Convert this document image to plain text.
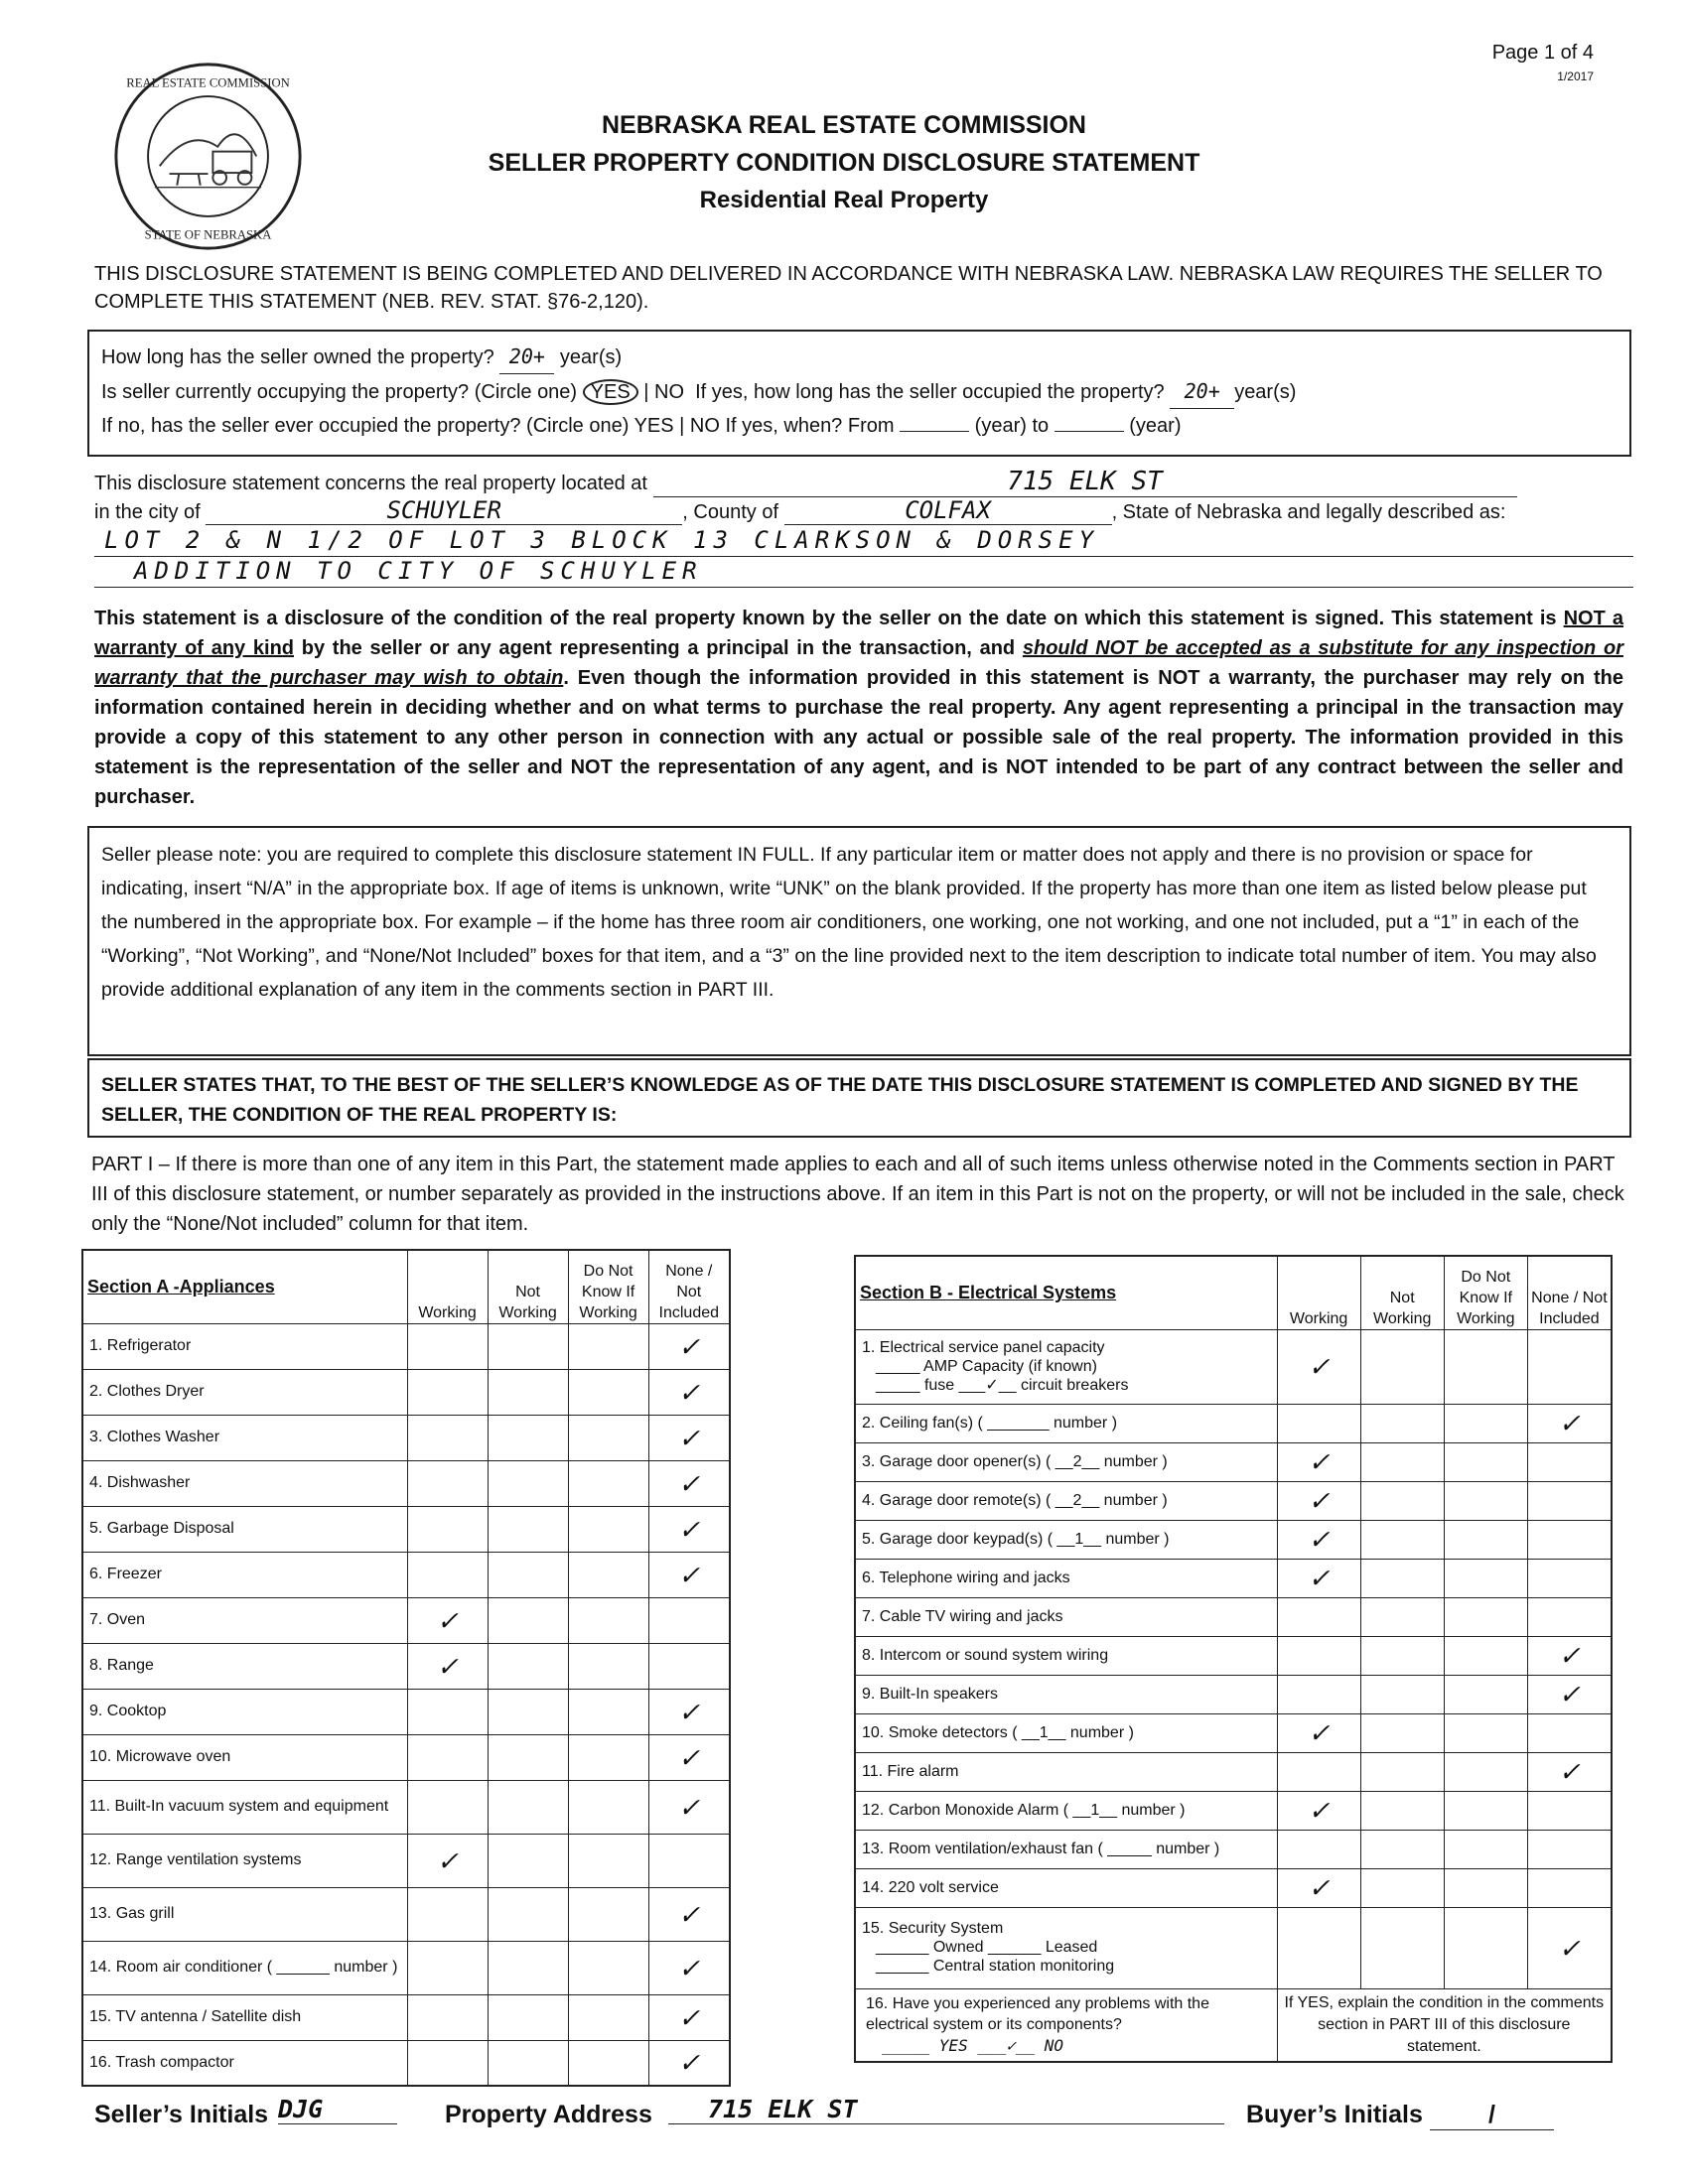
Page 1 of 4
1/2017
REAL ESTATE COMMISSION
STATE OF NEBRASKA
NEBRASKA REAL ESTATE COMMISSION
SELLER PROPERTY CONDITION DISCLOSURE STATEMENT
Residential Real Property
THIS DISCLOSURE STATEMENT IS BEING COMPLETED AND DELIVERED IN ACCORDANCE WITH NEBRASKA LAW. NEBRASKA LAW REQUIRES THE SELLER TO COMPLETE THIS STATEMENT (NEB. REV. STAT. §76-2,120).
How long has the seller owned the property? 20+ year(s)
Is seller currently occupying the property? (Circle one) YES | NO If yes, how long has the seller occupied the property? 20+ year(s)
If no, has the seller ever occupied the property? (Circle one) YES | NO If yes, when? From	(year) to	(year)
This disclosure statement concerns the real property located at	715 ELK ST
in the city of	SCHUYLER	, County of	COLFAX	, State of Nebraska and legally described as:
LOT 2 & N 1/2 OF LOT 3 BLOCK 13 CLARKSON & DORSEY
ADDITION TO CITY OF SCHUYLER
This statement is a disclosure of the condition of the real property known by the seller on the date on which this statement is signed. This statement is NOT a warranty of any kind by the seller or any agent representing a principal in the transaction, and should NOT be accepted as a substitute for any inspection or warranty that the purchaser may wish to obtain. Even though the information provided in this statement is NOT a warranty, the purchaser may rely on the information contained herein in deciding whether and on what terms to purchase the real property. Any agent representing a principal in the transaction may provide a copy of this statement to any other person in connection with any actual or possible sale of the real property. The information provided in this statement is the representation of the seller and NOT the representation of any agent, and is NOT intended to be part of any contract between the seller and purchaser.
Seller please note: you are required to complete this disclosure statement IN FULL. If any particular item or matter does not apply and there is no provision or space for indicating, insert “N/A” in the appropriate box. If age of items is unknown, write “UNK” on the blank provided. If the property has more than one item as listed below please put the numbered in the appropriate box. For example – if the home has three room air conditioners, one working, one not working, and one not included, put a “1” in each of the “Working”, “Not Working”, and “None/Not Included” boxes for that item, and a “3” on the line provided next to the item description to indicate total number of item. You may also provide additional explanation of any item in the comments section in PART III.
SELLER STATES THAT, TO THE BEST OF THE SELLER’S KNOWLEDGE AS OF THE DATE THIS DISCLOSURE STATEMENT IS COMPLETED AND SIGNED BY THE SELLER, THE CONDITION OF THE REAL PROPERTY IS:
PART I – If there is more than one of any item in this Part, the statement made applies to each and all of such items unless otherwise noted in the Comments section in PART III of this disclosure statement, or number separately as provided in the instructions above. If an item in this Part is not on the property, or will not be included in the sale, check only the “None/Not included” column for that item.
Section A -Appliances	Working	Not Working	Do Not Know If Working	None / Not Included

1. Refrigerator				✓

2. Clothes Dryer				✓

3. Clothes Washer				✓

4. Dishwasher				✓

5. Garbage Disposal				✓

6. Freezer				✓

7. Oven	✓			

8. Range	✓			

9. Cooktop				✓

10. Microwave oven				✓

11. Built-In vacuum system and equipment				✓

12. Range ventilation systems	✓			

13. Gas grill				✓

14. Room air conditioner ( ______ number )				✓

15. TV antenna / Satellite dish				✓

16. Trash compactor				✓
Section B - Electrical Systems	Working	Not Working	Do Not Know If Working	None / Not Included

1. Electrical service panel capacity
_____ AMP Capacity (if known)
_____ fuse ___✓__ circuit breakers	✓			

2. Ceiling fan(s) ( _______ number )				✓

3. Garage door opener(s) ( __2__ number )	✓			

4. Garage door remote(s) ( __2__ number )	✓			

5. Garage door keypad(s) ( __1__ number )	✓			

6. Telephone wiring and jacks	✓			

7. Cable TV wiring and jacks				

8. Intercom or sound system wiring				✓

9. Built-In speakers				✓

10. Smoke detectors ( __1__ number )	✓			

11. Fire alarm				✓

12. Carbon Monoxide Alarm ( __1__ number )	✓			

13. Room ventilation/exhaust fan ( _____ number )				

14. 220 volt service	✓			

15. Security System
______ Owned ______ Leased
______ Central station monitoring				✓

16. Have you experienced any problems with the electrical system or its components?
_____ YES ___✓__ NO	If YES, explain the condition in the comments section in PART III of this disclosure statement.			
Seller’s Initials DJG	Property Address	715 ELK ST	Buyer’s Initials	/
